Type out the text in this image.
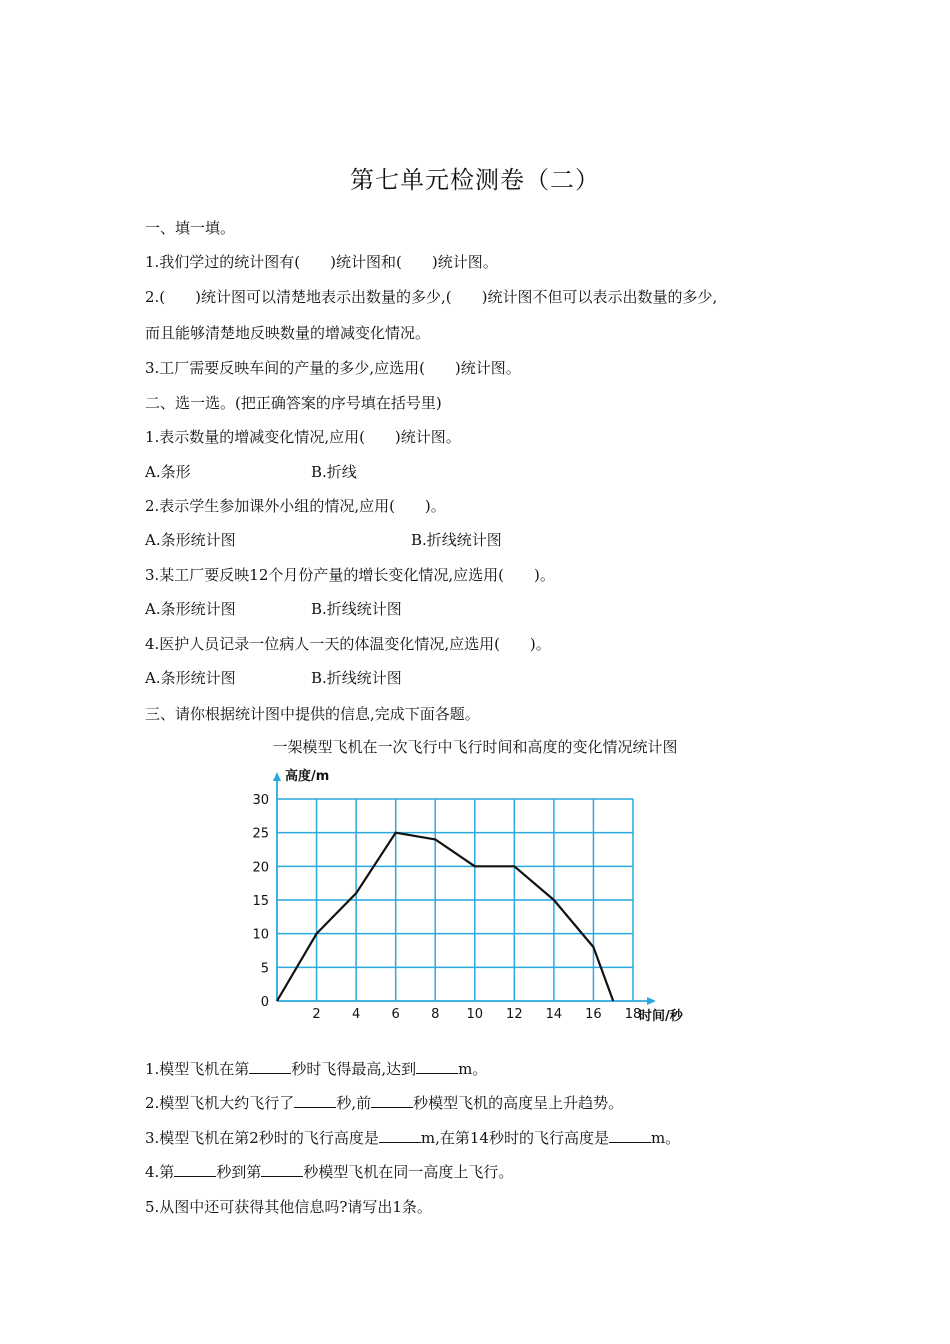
第七单元检测卷（二）
一、填一填。
1.我们学过的统计图有(　　)统计图和(　　)统计图。
2.(　　)统计图可以清楚地表示出数量的多少,(　　)统计图不但可以表示出数量的多少,
而且能够清楚地反映数量的增减变化情况。
3.工厂需要反映车间的产量的多少,应选用(　　)统计图。
二、选一选。(把正确答案的序号填在括号里)
1.表示数量的增减变化情况,应用(　　)统计图。
A.条形	B.折线
2.表示学生参加课外小组的情况,应用(　　)。
A.条形统计图	B.折线统计图
3.某工厂要反映12个月份产量的增长变化情况,应选用(　　)。
A.条形统计图	B.折线统计图
4.医护人员记录一位病人一天的体温变化情况,应选用(　　)。
A.条形统计图	B.折线统计图
三、请你根据统计图中提供的信息,完成下面各题。
一架模型飞机在一次飞行中飞行时间和高度的变化情况统计图
0
5
10
15
20
25
30
2 4 6 8 10 12 14 16 18
高度/m
时间/秒
1.模型飞机在第	秒时飞得最高,达到	m。
2.模型飞机大约飞行了	秒,前	秒模型飞机的高度呈上升趋势。
3.模型飞机在第2秒时的飞行高度是	m,在第14秒时的飞行高度是	m。
4.第	秒到第	秒模型飞机在同一高度上飞行。
5.从图中还可获得其他信息吗?请写出1条。
